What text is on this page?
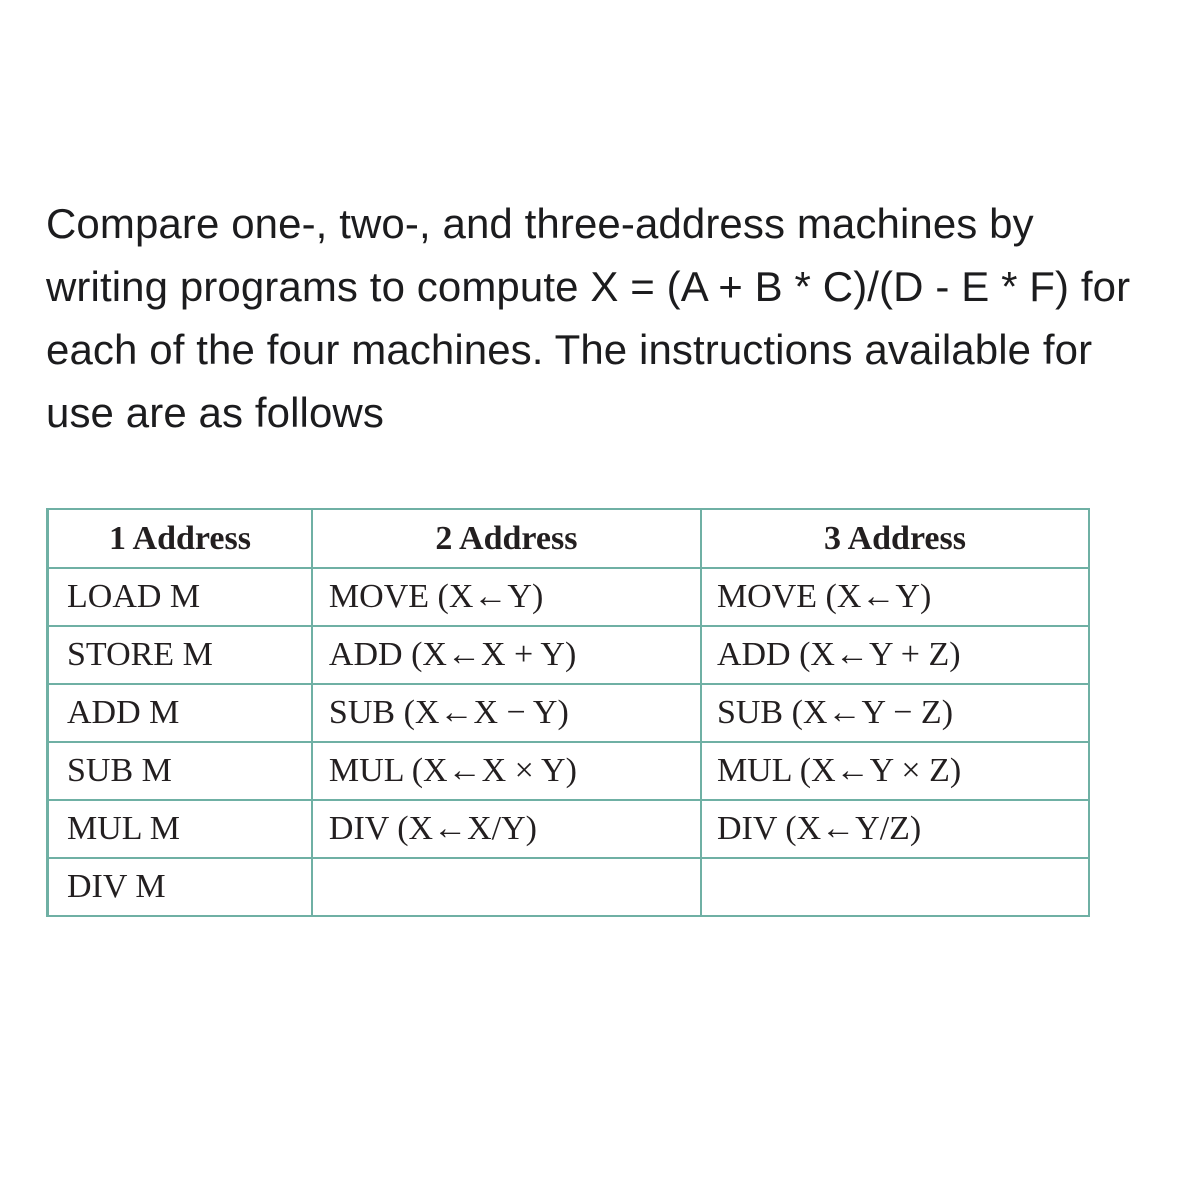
Compare one-, two-, and three-address machines by writing programs to compute X = (A + B * C)/(D - E * F) for each of the four machines. The instructions available for use are as follows

1 Address	2 Address	3 Address
LOAD M	MOVE (X←Y)	MOVE (X←Y)
STORE M	ADD (X←X + Y)	ADD (X←Y + Z)
ADD M	SUB (X←X − Y)	SUB (X←Y − Z)
SUB M	MUL (X←X × Y)	MUL (X←Y × Z)
MUL M	DIV (X←X/Y)	DIV (X←Y/Z)
DIV M		
